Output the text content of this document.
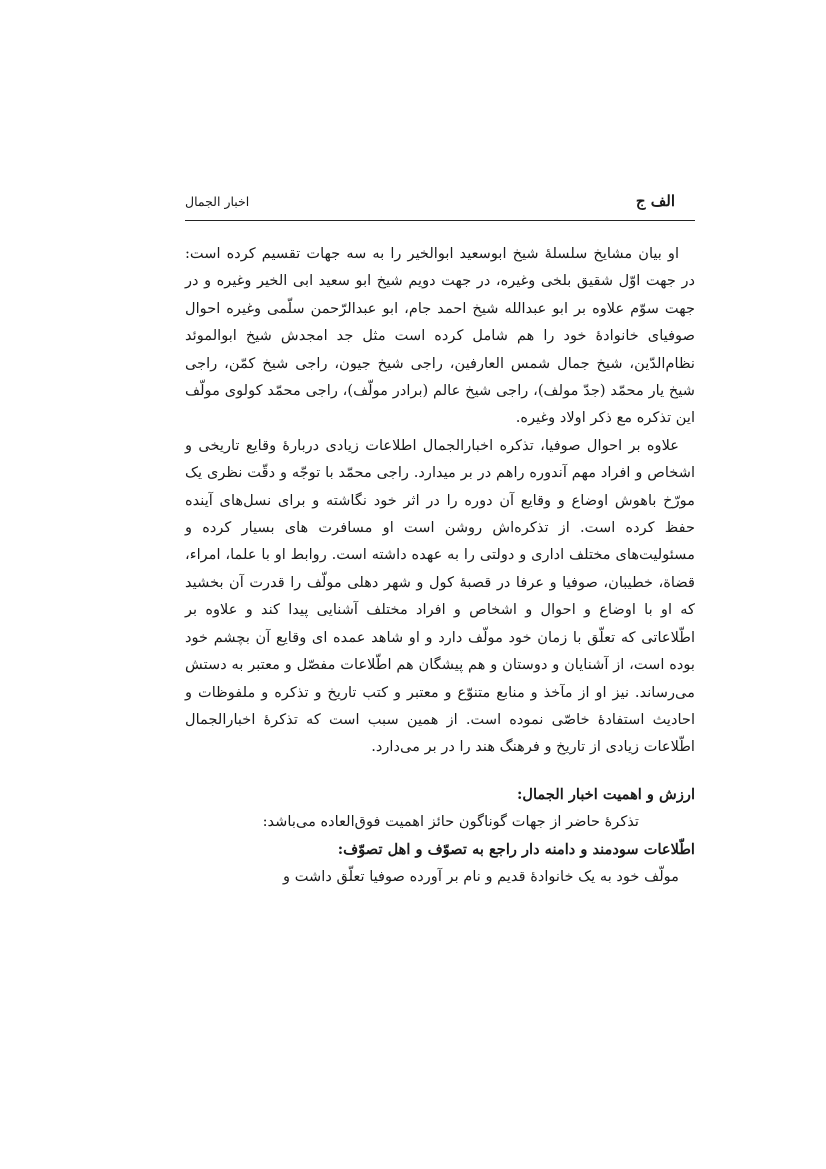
الف ج
اخبار الجمال

او بیان مشایخ سلسلهٔ شیخ ابوسعید ابوالخیر را به سه جهات تقسیم کرده است: در جهت اوّل شقیق بلخی وغیره، در جهت دویم شیخ ابو سعید ابی الخیر وغیره و در جهت سوّم علاوه بر ابو عبدالله شیخ احمد جام، ابو عبدالرّحمن سلّمی وغیره احوال صوفیای خانوادهٔ خود را هم شامل کرده است مثل جد امجدش شیخ ابوالموئد نظام‌الدّین، شیخ جمال شمس العارفین، راجی شیخ جیون، راجی شیخ کمّن، راجی شیخ یار محمّد (جدّ مولف)، راجی شیخ عالم (برادر مولّف)، راجی محمّد کولوی مولّف این تذکره مع ذکر اولاد وغیره.

علاوه بر احوال صوفیا، تذکره اخبارالجمال اطلاعات زیادی دربارهٔ وقایع تاریخی و اشخاص و افراد مهم آندوره راهم در بر میدارد. راجی محمّد با توجّه و دقّت نظری یک مورّخ باهوش اوضاع و وقایع آن دوره را در اثر خود نگاشته و برای نسل‌های آینده حفظ کرده است. از تذکره‌اش روشن است او مسافرت های بسیار کرده و مسئولیت‌های مختلف اداری و دولتی را به عهده داشته است. روابط او با علما، امراء، قضاة، خطیبان، صوفیا و عرفا در قصبهٔ کول و شهر دهلی مولّف را قدرت آن بخشید که او با اوضاع و احوال و اشخاص و افراد مختلف آشنایی پیدا کند و علاوه بر اطّلاعاتی که تعلّق با زمان خود مولّف دارد و او شاهد عمده ای وقایع آن بچشم خود بوده است، از آشنایان و دوستان و هم پیشگان هم اطّلاعات مفصّل و معتبر به دستش می‌رساند. نیز او از مآخذ و منابع متنوّع و معتبر و کتب تاریخ و تذکره و ملفوظات و احادیث استفادهٔ خاصّی نموده است. از همین سبب است که تذکرهٔ اخبارالجمال اطّلاعات زیادی از تاریخ و فرهنگ هند را در بر می‌دارد.

ارزش و اهمیت اخبار الجمال:

تذکرهٔ حاضر از جهات گوناگون حائز اهمیت فوق‌العاده می‌باشد:

اطّلاعات سودمند و دامنه دار راجع به تصوّف و اهل تصوّف:

مولّف خود به یک خانوادهٔ قدیم و نام بر آورده صوفیا تعلّق داشت و
